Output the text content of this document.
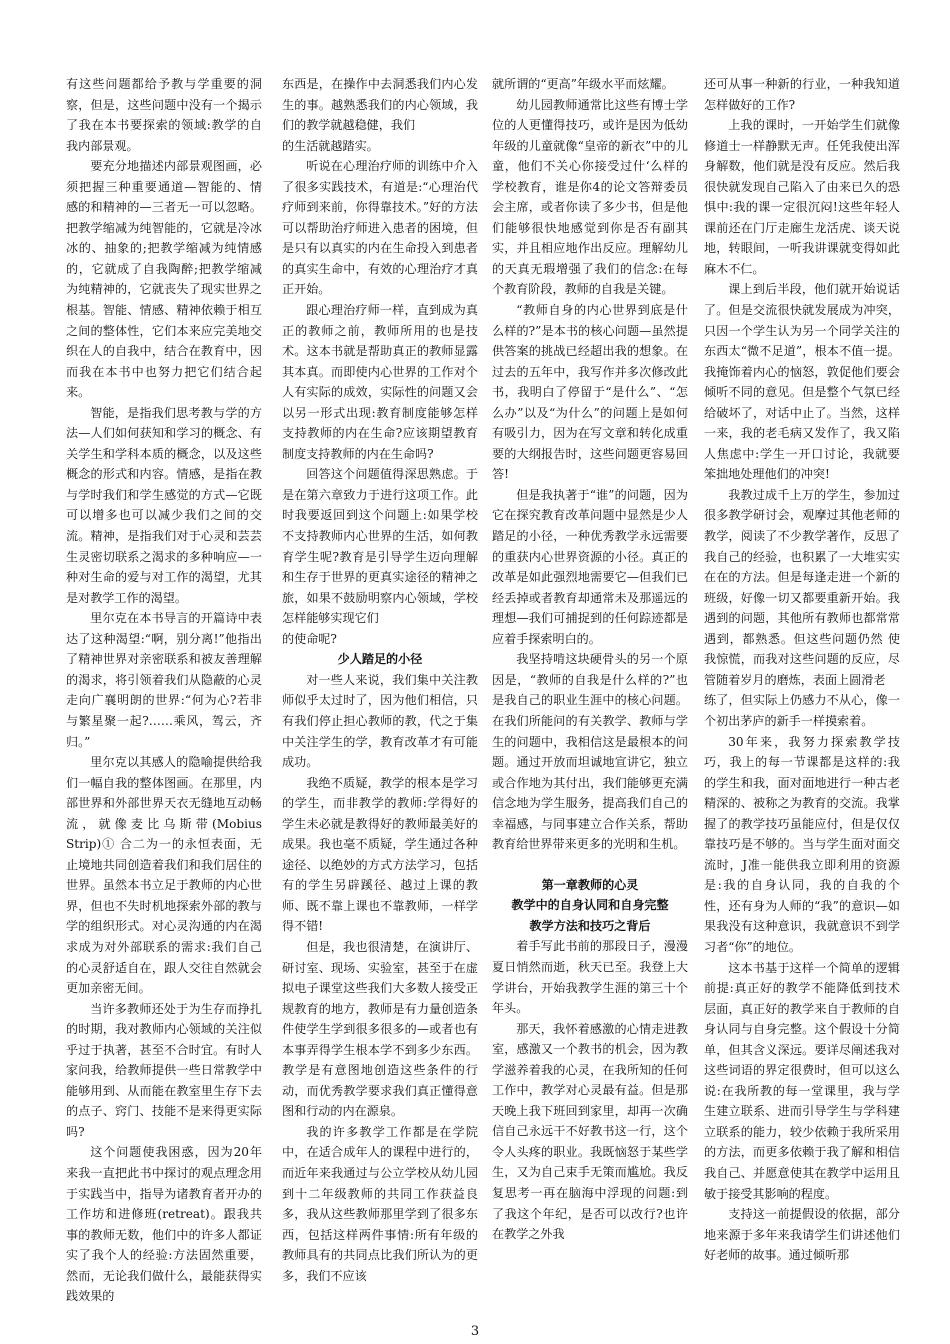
有这些问题都给予教与学重要的洞察，但是，这些问题中没有一个揭示了我在本书要探索的领域:教学的自我内部景观。

要充分地描述内部景观图画，必须把握三种重要通道—智能的、情 感的和精神的—三者无一可以忽略。把教学缩减为纯智能的，它就是冷冰冰的、抽象的;把教学缩减为纯情感的，它就成了自我陶醉;把教学缩减为纯精神的，它就丧失了现实世界之根基。智能、情感、精神依赖于相互之间的整体性，它们本来应完美地交织在人的自我中，结合在教育中，因而我在本书中也努力把它们结合起来。

智能，是指我们思考教与学的方法—人们如何获知和学习的概念、有关学生和学科本质的概念，以及这些概念的形式和内容。情感，是指在教与学时我们和学生感觉的方式—它既可以增多也可以减少我们之间的交流。精神，是指我们对于心灵和芸芸生灵密切联系之渴求的多种响应—一种对生命的爱与对工作的渴望，尤其是对教学工作的渴望。

里尔克在本书导言的开篇诗中表达了这种渴望:“啊，别分离!”他指出了精神世界对亲密联系和被友善理解的渴求，将引领着我们从隐蔽的心灵走向广襄明朗的世界:“何为心?若非与繁星聚一起?……乘风，驾云，齐归。”

里尔克以其感人的隐喻提供给我们一幅自我的整体图画。在那里，内部世界和外部世界天衣无缝地互动畅流，就像麦比乌斯带(Mobius Strip)① 合二为一的永恒表面，无止境地共同创造着我们和我们居住的世界。虽然本书立足于教师的内心世界，但也不失时机地探索外部的教与学的组织形式。对心灵沟通的内在渴求成为对外部联系的需求:我们自己的心灵舒适自在，跟人交往自然就会更加亲密无间。

当许多教师还处于为生存而挣扎的时期，我对教师内心领域的关注似乎过于执著，甚至不合时宜。有时人家问我，给教师提供一些日常教学中能够用到、从而能在教室里生存下去的点子、窍门、技能不是来得更实际吗?

这个问题使我困惑，因为20年来我一直把此书中探讨的观点理念用于实践当中，指导为诸教育者开办的工作坊和进修班(retreat)。跟我共事的教师无数，他们中的许多人都证实了我个人的经验:方法固然重要，然而，无论我们做什么，最能获得实践效果的

东西是，在操作中去洞悉我们内心发生的事。越熟悉我们的内心领域，我们的教学就越稳健，我们

的生活就越踏实。

听说在心理治疗师的训练中介入了很多实践技术，有道是:“心理治代疗师到来前，你得靠技术。”好的方法可以帮助治疗师进入患者的困境，但是只有以真实的内在生命投入到患者的真实生命中，有效的心理治疗才真正开始。

跟心理治疗师一样，直到成为真正的教师之前，教师所用的也是技术。这本书就是帮助真正的教师显露其本真。而即使内心世界的工作对个人有实际的成效，实际性的问题又会以另一形式出现:教育制度能够怎样支持教师的内在生命?应该期望教育制度支持教师的内在生命吗?

回答这个问题值得深思熟虑。于是在第六章致力于进行这项工作。此时我要返回到这个问题上:如果学校不支持教师内心世界的生活，如何教育学生呢?教育是引导学生迈向理解和生存于世界的更真实途径的精神之旅，如果不鼓励明察内心领域，学校怎样能够实现它们

的使命呢?

少人踏足的小径

对一些人来说，我们集中关注教师似乎太过时了，因为他们相信，只有我们停止担心教师的教，代之于集中关注学生的学，教育改革才有可能成功。

我绝不质疑，教学的根本是学习的学生，而非教学的教师:学得好的学生未必就是教得好的教师最美好的成果。我也毫不质疑，学生通过各种途径、以绝妙的方式方法学习，包括有的学生另辟蹊径、越过上课的教师、既不靠上课也不靠教师，一样学得不错!

但是，我也很清楚，在演讲厅、研讨室、现场、实验室，甚至于在虚拟电子课堂这些我们大多数人接受正规教育的地方，教师是有力量创造条件使学生学到很多很多的—或者也有本事弄得学生根本学不到多少东西。教学是有意图地创造这些条件的行动，而优秀教学要求我们真正懂得意图和行动的内在源泉。

我的许多教学工作都是在学院中，在适合成年人的课程中进行的，而近年来我通过与公立学校从幼儿园到十二年级教师的共同工作获益良 多，我从这些教师那里学到了很多东西，包括这样两件事情:所有年级的教师具有的共同点比我们所认为的更多，我们不应该

就所谓的“更高”年级水平而炫耀。

幼儿园教师通常比这些有博士学位的人更懂得技巧，或许是因为低幼年级的儿童就像“皇帝的新衣”中的儿童，他们不关心你接受过什‘么样的学校教育，谁是你4的论文答辩委员会主席，或者你读了多少书，但是他们能够很快地感觉到你是否有副其实，并且相应地作出反应。理解幼儿的天真无瑕增强了我们的信念:在每个教育阶段，教师的自我是关键。

“教师自身的内心世界到底是什么样的?”是本书的核心问题—虽然提供答案的挑战已经超出我的想象。在过去的五年中，我写作并多次修改此书，我明白了停留于“是什么”、“怎么办”以及“为什么”的问题上是如何有吸引力，因为在写文章和转化成重要的大纲报告时，这些问题更容易回答!

但是我执著于“谁”的问题，因为它在探究教育改革问题中显然是少人踏足的小径，一种优秀教学永远需要的重获内心世界资源的小径。真正的改革是如此强烈地需要它—但我们已经丢掉或者教育却通常未及那遥远的理想—我们可捕捉到的任何踪迹都是应着手探索明白的。

我坚持啃这块硬骨头的另一个原因是，“教师的自我是什么样的?”也是我自己的职业生涯中的核心问题。在我们所能问的有关教学、教师与学生的问题中，我相信这是最根本的问题。通过开放而坦诚地宣讲它，独立或合作地为其付出，我们能够更充满信念地为学生服务，提高我们自己的幸福感，与同事建立合作关系，帮助教育给世界带来更多的光明和生机。

第一章教师的心灵
教学中的自身认同和自身完整
教学方法和技巧之背后

着手写此书前的那段日子，漫漫夏日悄然而逝，秋天已至。我登上大学讲台，开始我教学生涯的第三十个年头。

那天，我怀着感激的心情走进教室，感激又一个教书的机会，因为教学滋养着我的心灵，在我所知的任何工作中，教学对心灵最有益。但是那天晚上我下班回到家里，却再一次确信自己永远干不好教书这一行，这个令人头疼的职业。我既恼怒于某些学生，又为自己束手无策而尴尬。我反复思考一再在脑海中浮现的问题:到了我这个年纪，是否可以改行?也许在教学之外我

还可从事一种新的行业，一种我知道怎样做好的工作?

上我的课时，一开始学生们就像修道士一样静默无声。任凭我使出浑身解数，他们就是没有反应。然后我很快就发现自己陷入了由来已久的恐惧中:我的课一定很沉闷!这些年轻人课前还在门厅走廊生龙活虎、谈天说地，转眼间，一听我讲课就变得如此麻木不仁。

课上到后半段，他们就开始说话了。但是交流很快就发展成为冲突，只因一个学生认为另一个同学关注的东西太“微不足道”，根本不值一提。我掩饰着内心的恼怒，敦促他们要会倾听不同的意见。但是整个气氛已经给破坏了，对话中止了。当然，这样一来，我的老毛病又发作了，我又陷人焦虑中:学生一开口讨论，我就要笨拙地处理他们的冲突!

我教过成千上万的学生，参加过很多教学研讨会，观摩过其他老师的教学，阅读了不少教学著作，反思了我自己的经验，也积累了一大堆实实在在的方法。但是每逢走进一个新的班级，好像一切又都要重新开始。我遇到的问题，其他所有教师也都常常遇到，都熟悉。但这些问题仍然 使我惊慌，而我对这些问题的反应，尽管随着岁月的磨炼，表面上圆滑老

练了，但实际上仍感力不从心，像一个初出茅庐的新手一样摸索着。

30年来，我努力探索教学技巧，我上的每一节课都是这样的:我的学生和我，面对面地进行一种古老精深的、被称之为教育的交流。我掌握了的教学技巧虽能应付，但是仅仅靠技巧是不够的。当与学生面对面交流时，J准一能供我立即利用的资源是:我的自身认同，我的自我的个性，还有身为人师的“我”的意识—如果我没有这种意识，我就意识不到学习者“你”的地位。

这本书基于这样一个简单的逻辑前提:真正好的教学不能降低到技术层面，真正好的教学来自于教师的自身认同与自身完整。这个假设十分简单，但其含义深远。要详尽阐述我对这些词语的界定很费时，但可以这么说:在我所教的每一堂课里，我与学生建立联系、进而引导学生与学科建立联系的能力，较少依赖于我所采用的方法，而更多依赖于我了解和相信我自己、并愿意使其在教学中运用且敏于接受其影响的程度。

支持这一前提假设的依据，部分地来源于多年来我请学生们讲述他们好老师的故事。通过倾听那

3
